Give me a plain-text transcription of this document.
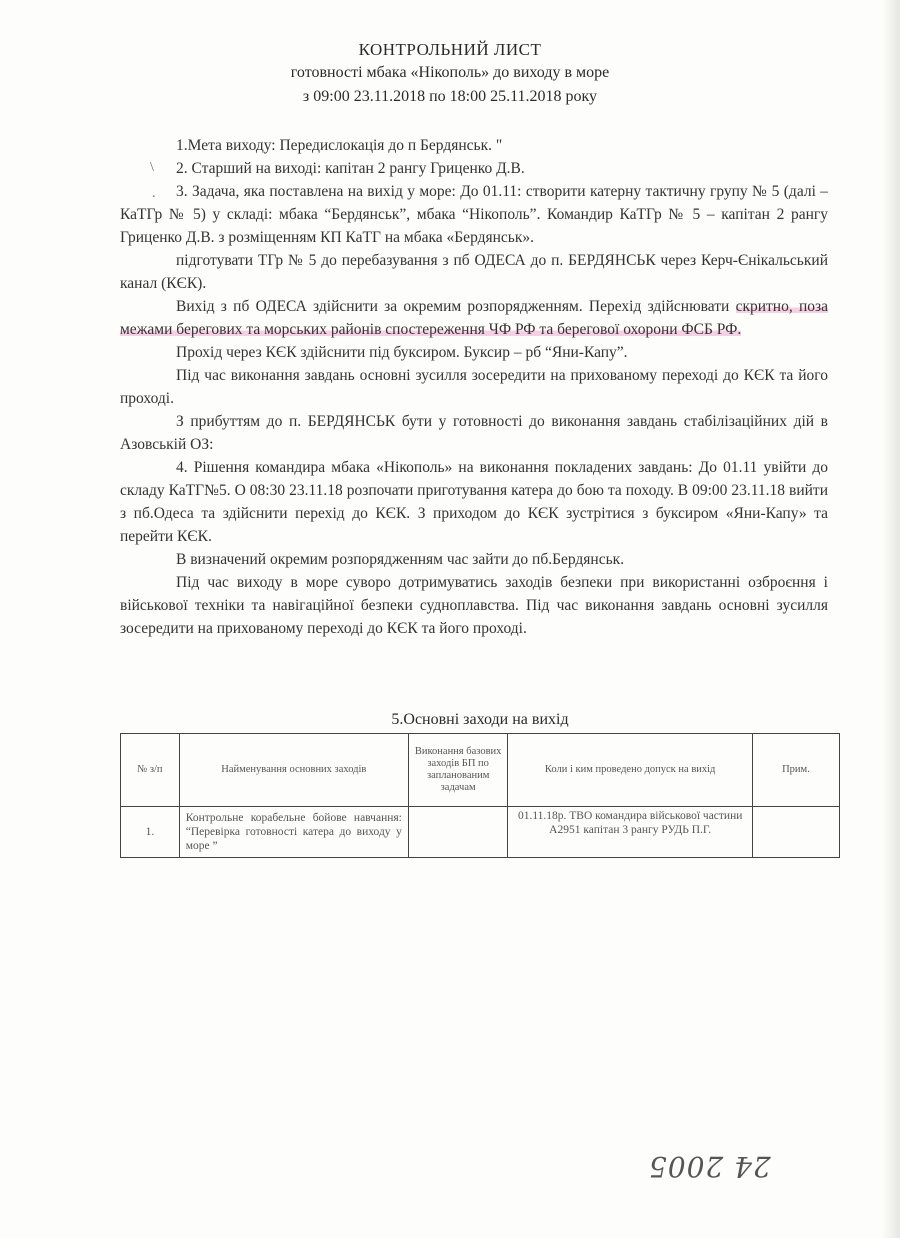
КОНТРОЛЬНИЙ ЛИСТ
готовності мбака «Нікополь» до виходу в море
з 09:00 23.11.2018 по 18:00 25.11.2018 року
\
.

1.Мета виходу: Передислокація до п Бердянськ. "

2. Старший на виході: капітан 2 рангу Гриценко Д.В.

3. Задача, яка поставлена на вихід у море: До 01.11: створити катерну тактичну групу № 5 (далі – КаТГр № 5) у складі: мбака “Бердянськ”, мбака “Нікополь”. Командир КаТГр № 5 – капітан 2 рангу Гриценко Д.В. з розміщенням КП КаТГ на мбака «Бердянськ».

підготувати ТГр № 5 до перебазування з пб ОДЕСА до п. БЕРДЯНСЬК через Керч-Єнікальський канал (КЄК).

Вихід з пб ОДЕСА здійснити за окремим розпорядженням. Перехід здійснювати скритно, поза межами берегових та морських районів спостереження ЧФ РФ та берегової охорони ФСБ РФ.

Прохід через КЄК здійснити під буксиром. Буксир – рб “Яни-Капу”.

Під час виконання завдань основні зусилля зосередити на прихованому переході до КЄК та його проході.

З прибуттям до п. БЕРДЯНСЬК бути у готовності до виконання завдань стабілізаційних дій в Азовській ОЗ:

4. Рішення командира мбака «Нікополь» на виконання покладених завдань: До 01.11 увійти до складу КаТГ№5. О 08:30 23.11.18 розпочати приготування катера до бою та походу. В 09:00 23.11.18 вийти з пб.Одеса та здійснити перехід до КЄК. З приходом до КЄК зустрітися з буксиром «Яни-Капу» та перейти КЄК.

В визначений окремим розпорядженням час зайти до пб.Бердянськ.

Під час виходу в море суворо дотримуватись заходів безпеки при використанні озброєння і військової техніки та навігаційної безпеки судноплавства. Під час виконання завдань основні зусилля зосередити на прихованому переході до КЄК та його проході.

5.Основні заходи на вихід
№ з/п	Найменування основних заходів	Виконання базових заходів БП по запланованим задачам	Коли і ким проведено допуск на вихід	Прим.
1.	Контрольне корабельне бойове навчання: “Перевірка готовності катера до виходу у море ”		01.11.18р. ТВО командира військової частини А2951 капітан 3 рангу РУДЬ П.Г.	
24 2005
